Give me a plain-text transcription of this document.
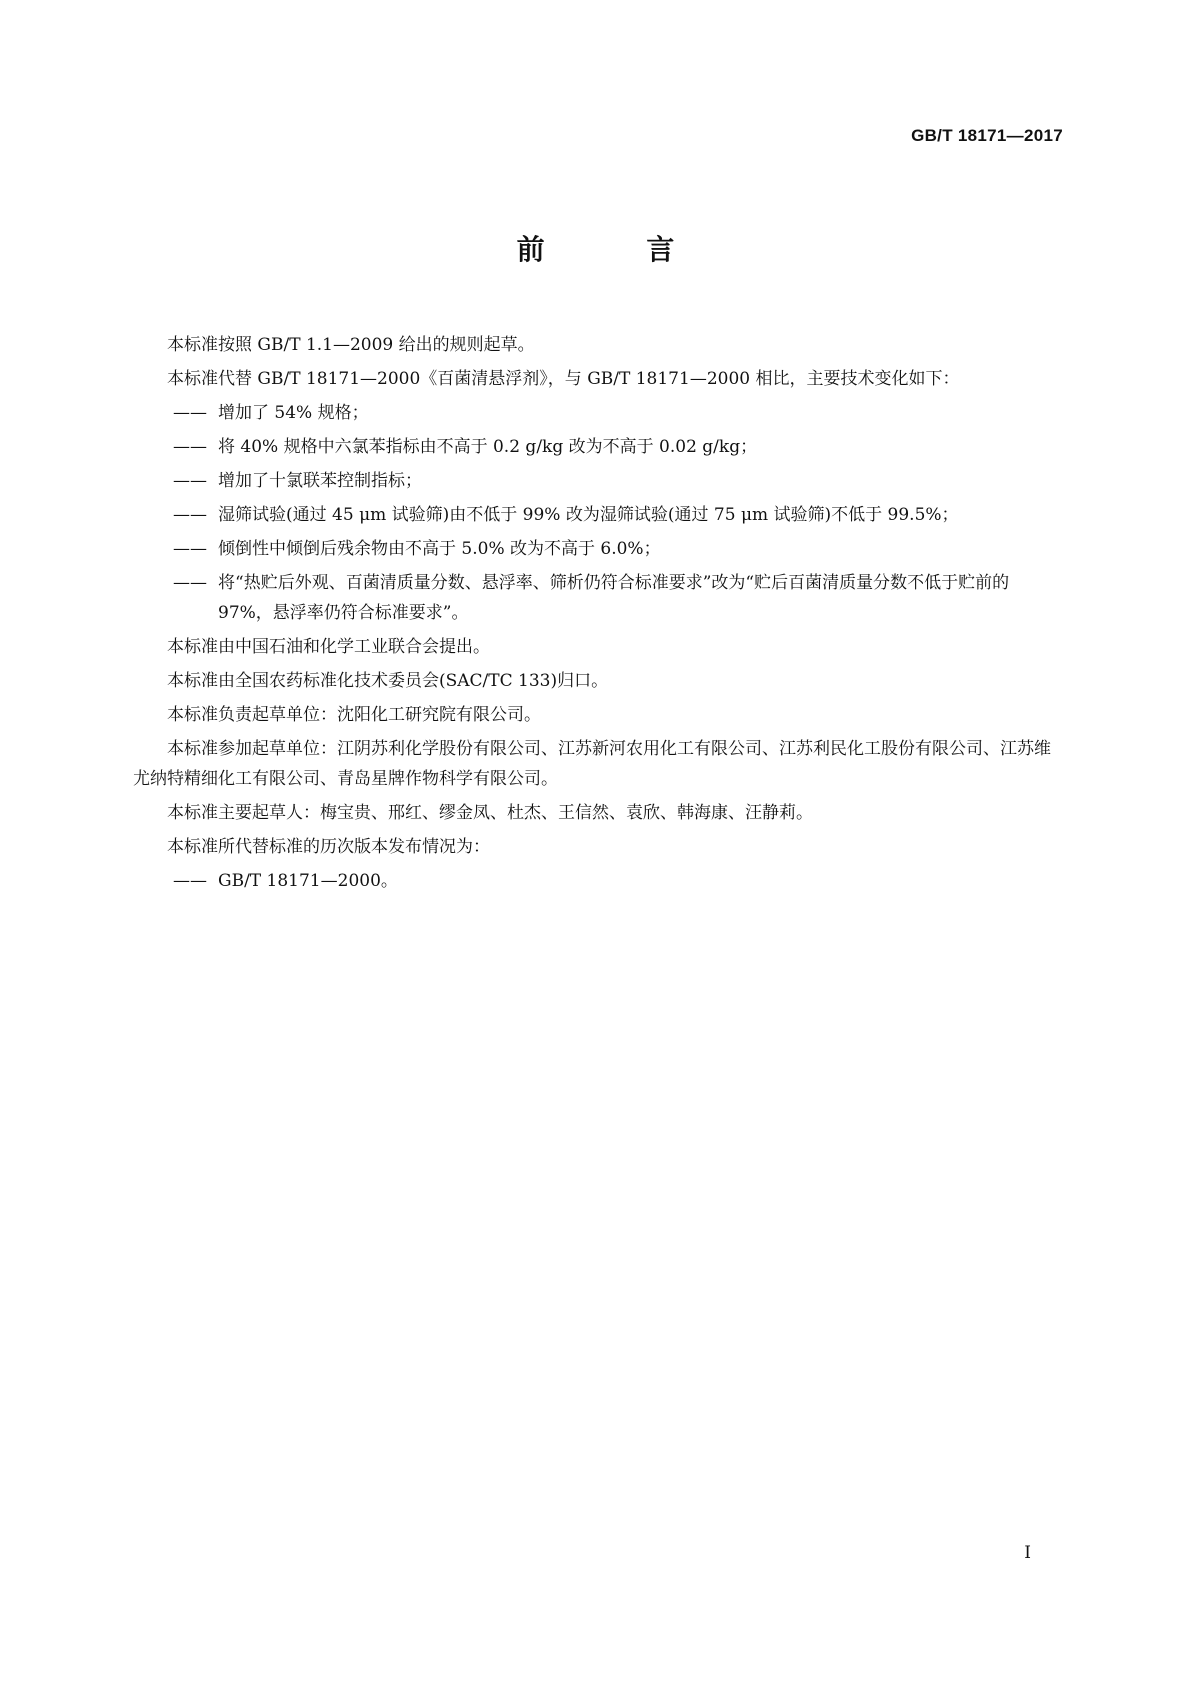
GB/T 18171—2017
前 言

本标准按照 GB/T 1.1—2009 给出的规则起草。

本标准代替 GB/T 18171—2000《百菌清悬浮剂》，与 GB/T 18171—2000 相比，主要技术变化如下：

—— 增加了 54% 规格；
—— 将 40% 规格中六氯苯指标由不高于 0.2 g/kg 改为不高于 0.02 g/kg；
—— 增加了十氯联苯控制指标；
—— 湿筛试验(通过 45 μm 试验筛)由不低于 99% 改为湿筛试验(通过 75 μm 试验筛)不低于 99.5%；
—— 倾倒性中倾倒后残余物由不高于 5.0% 改为不高于 6.0%；
—— 将“热贮后外观、百菌清质量分数、悬浮率、筛析仍符合标准要求”改为“贮后百菌清质量分数不低于贮前的 97%，悬浮率仍符合标准要求”。

本标准由中国石油和化学工业联合会提出。

本标准由全国农药标准化技术委员会(SAC/TC 133)归口。

本标准负责起草单位：沈阳化工研究院有限公司。

本标准参加起草单位：江阴苏利化学股份有限公司、江苏新河农用化工有限公司、江苏利民化工股份有限公司、江苏维尤纳特精细化工有限公司、青岛星牌作物科学有限公司。

本标准主要起草人：梅宝贵、邢红、缪金凤、杜杰、王信然、袁欣、韩海康、汪静莉。

本标准所代替标准的历次版本发布情况为：

—— GB/T 18171—2000。
I
